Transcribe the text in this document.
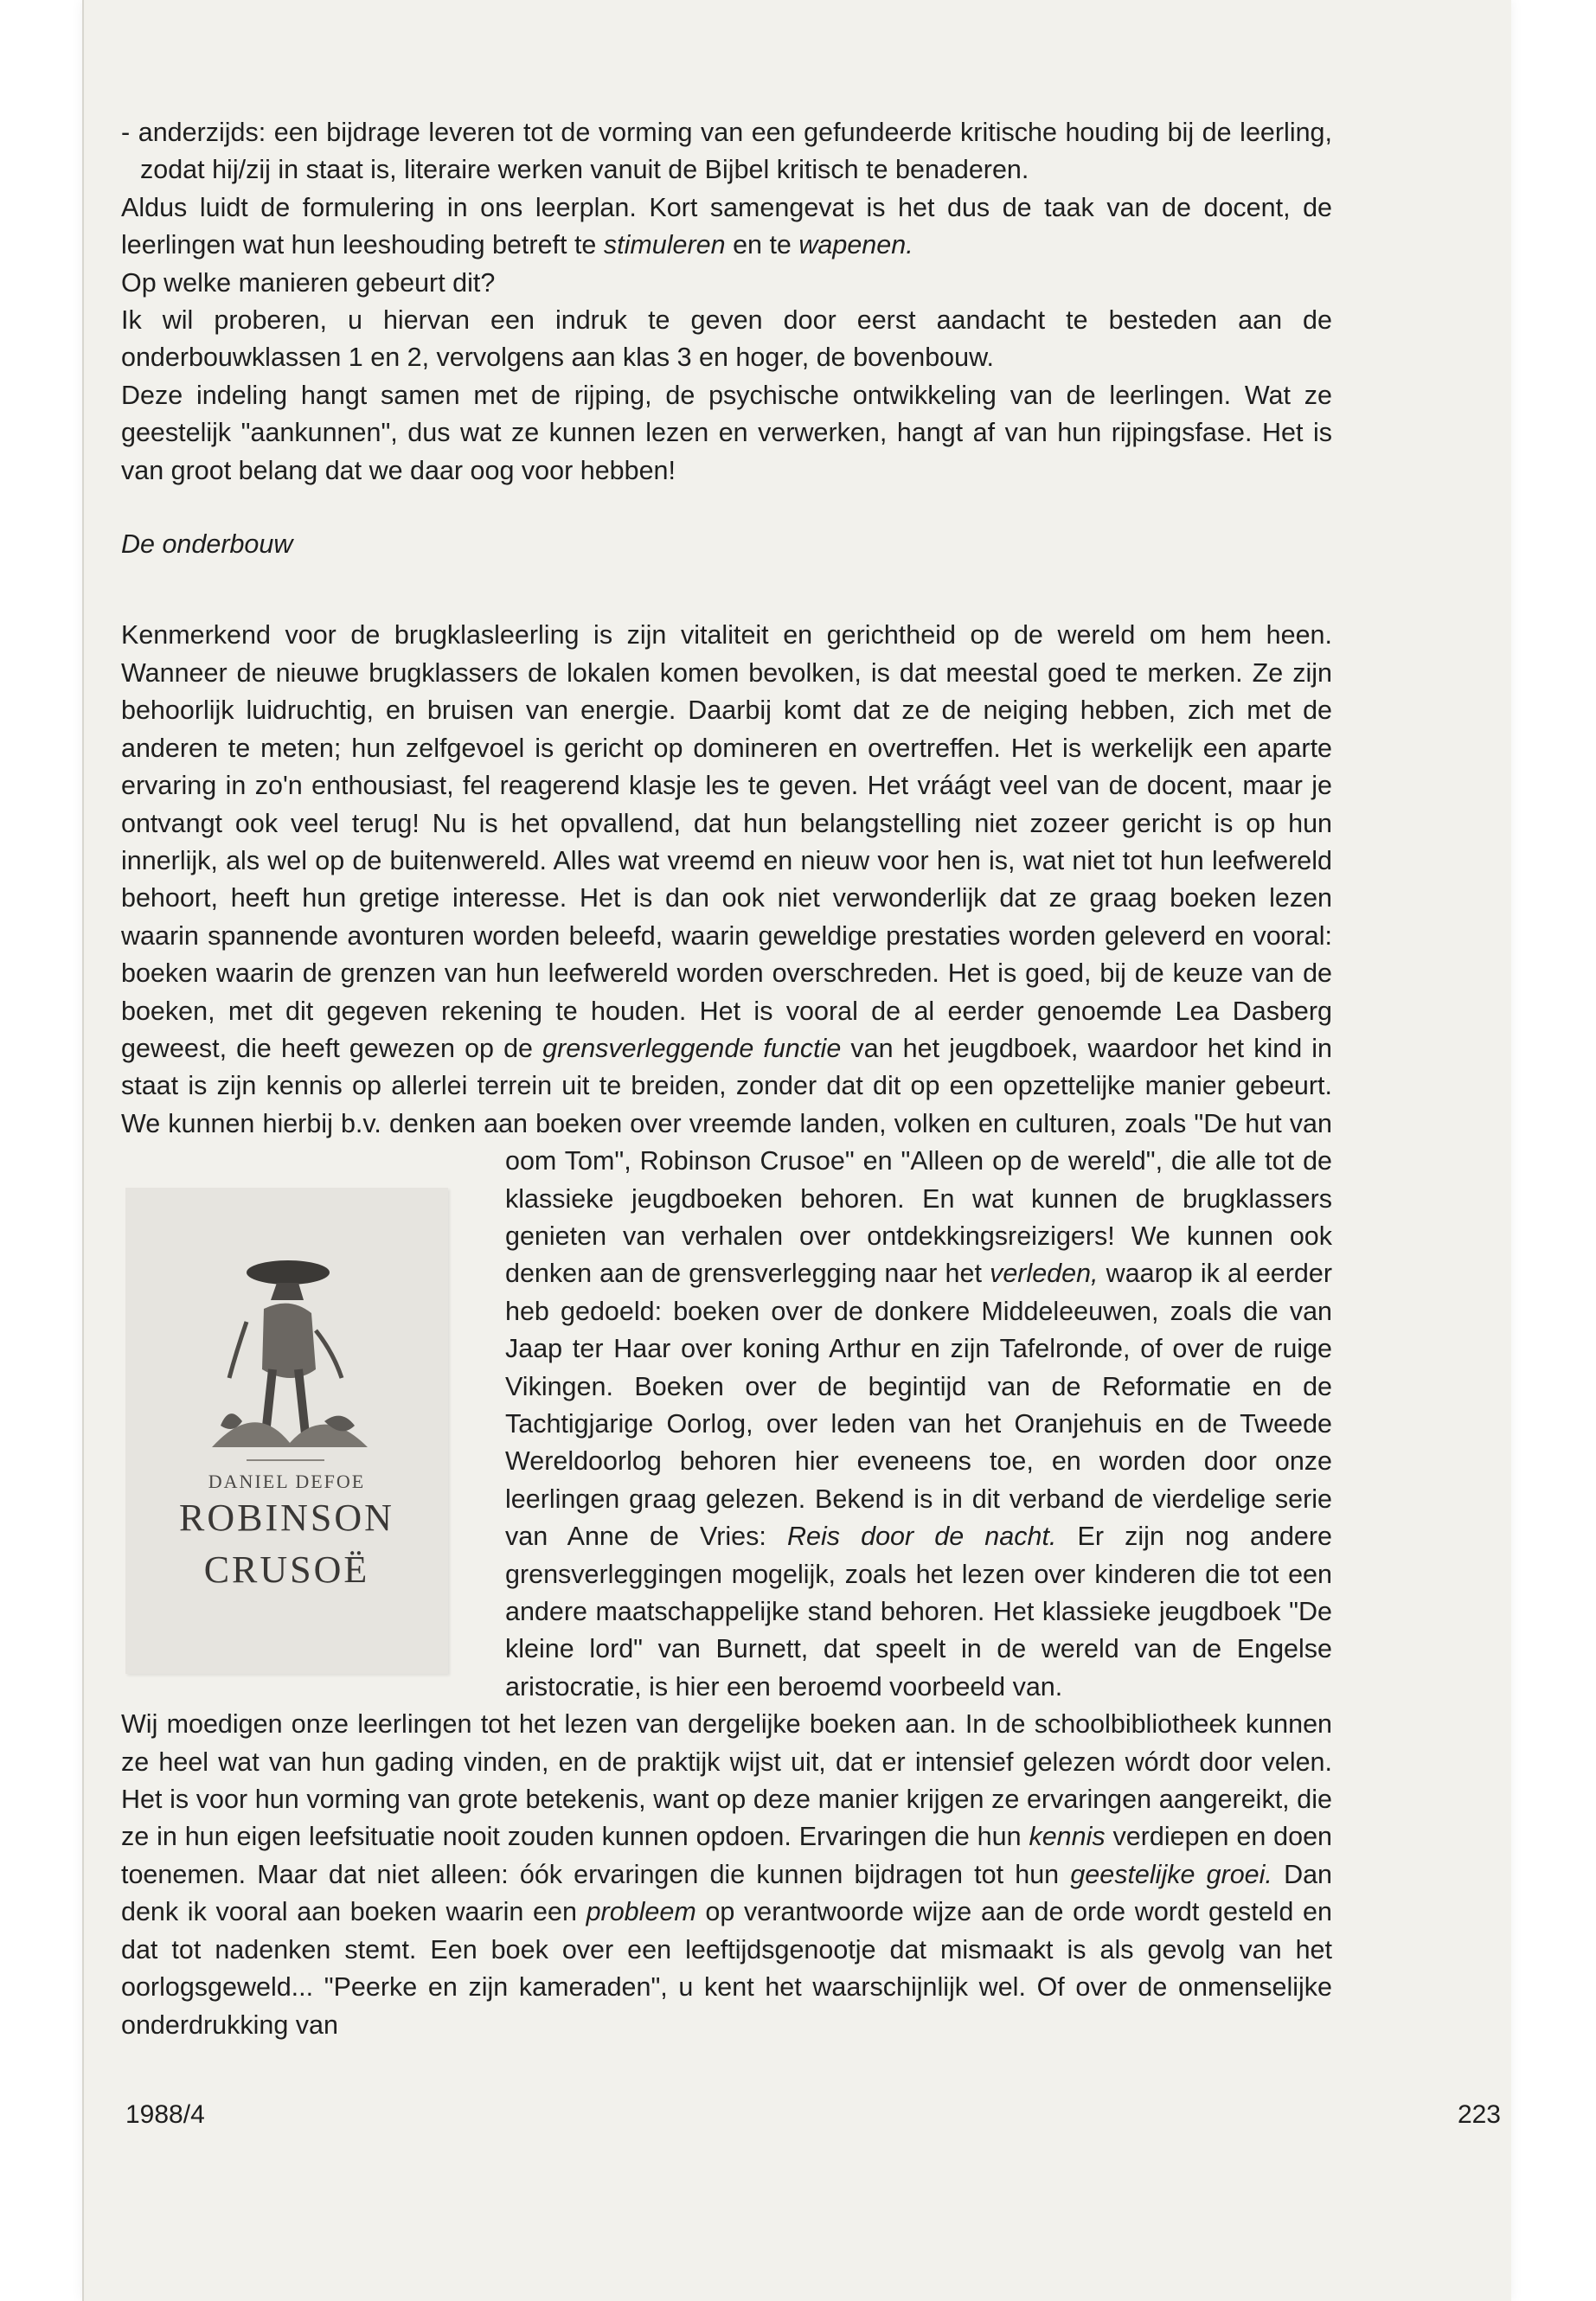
- anderzijds: een bijdrage leveren tot de vorming van een gefundeerde kritische houding bij de leerling, zodat hij/zij in staat is, literaire werken vanuit de Bijbel kritisch te benaderen.

Aldus luidt de formulering in ons leerplan. Kort samengevat is het dus de taak van de docent, de leerlingen wat hun leeshouding betreft te stimuleren en te wapenen.

Op welke manieren gebeurt dit?

Ik wil proberen, u hiervan een indruk te geven door eerst aandacht te besteden aan de onderbouwklassen 1 en 2, vervolgens aan klas 3 en hoger, de bovenbouw.

Deze indeling hangt samen met de rijping, de psychische ontwikkeling van de leerlingen. Wat ze geestelijk "aankunnen", dus wat ze kunnen lezen en verwerken, hangt af van hun rijpingsfase. Het is van groot belang dat we daar oog voor hebben!

De onderbouw

Kenmerkend voor de brugklasleerling is zijn vitaliteit en gerichtheid op de wereld om hem heen. Wanneer de nieuwe brugklassers de lokalen komen bevolken, is dat meestal goed te merken. Ze zijn behoorlijk luidruchtig, en bruisen van energie. Daarbij komt dat ze de neiging hebben, zich met de anderen te meten; hun zelfgevoel is gericht op domineren en overtreffen. Het is werkelijk een aparte ervaring in zo'n enthousiast, fel reagerend klasje les te geven. Het vráágt veel van de docent, maar je ontvangt ook veel terug! Nu is het opvallend, dat hun belangstelling niet zozeer gericht is op hun innerlijk, als wel op de buitenwereld. Alles wat vreemd en nieuw voor hen is, wat niet tot hun leefwereld behoort, heeft hun gretige interesse. Het is dan ook niet verwonderlijk dat ze graag boeken lezen waarin spannende avonturen worden beleefd, waarin geweldige prestaties worden geleverd en vooral: boeken waarin de grenzen van hun leefwereld worden overschreden. Het is goed, bij de keuze van de boeken, met dit gegeven rekening te houden. Het is vooral de al eerder genoemde Lea Dasberg geweest, die heeft gewezen op de grensverleggende functie van het jeugdboek, waardoor het kind in staat is zijn kennis op allerlei terrein uit te breiden, zonder dat dit op een opzettelijke manier gebeurt. We kunnen hierbij b.v. denken aan boeken over vreemde landen, volken en
DANIEL DEFOE
ROBINSON
CRUSOË
culturen, zoals "De hut van oom Tom", Robinson Crusoe" en "Alleen op de wereld", die alle tot de klassieke jeugdboeken behoren. En wat kunnen de brugklassers genieten van verhalen over ontdekkingsreizigers! We kunnen ook denken aan de grensverlegging naar het verleden, waarop ik al eerder heb gedoeld: boeken over de donkere Middeleeuwen, zoals die van Jaap ter Haar over koning Arthur en zijn Tafelronde, of over de ruige Vikingen. Boeken over de begintijd van de Reformatie en de Tachtigjarige Oorlog, over leden van het Oranjehuis en de Tweede Wereldoorlog behoren hier eveneens toe, en worden door onze leerlingen graag gelezen. Bekend is in dit verband de vierdelige serie van Anne de Vries: Reis door de nacht. Er zijn nog andere grensverleggingen mogelijk, zoals het lezen over kinderen die tot een andere maatschappelijke stand behoren. Het klassieke jeugdboek "De kleine lord" van Burnett, dat speelt in de wereld van de Engelse aristocratie, is hier een beroemd voorbeeld van.

Wij moedigen onze leerlingen tot het lezen van dergelijke boeken aan. In de schoolbibliotheek kunnen ze heel wat van hun gading vinden, en de praktijk wijst uit, dat er intensief gelezen wórdt door velen. Het is voor hun vorming van grote betekenis, want op deze manier krijgen ze ervaringen aangereikt, die ze in hun eigen leefsituatie nooit zouden kunnen opdoen. Ervaringen die hun kennis verdiepen en doen toenemen. Maar dat niet alleen: óók ervaringen die kunnen bijdragen tot hun geestelijke groei. Dan denk ik vooral aan boeken waarin een probleem op verantwoorde wijze aan de orde wordt gesteld en dat tot nadenken stemt. Een boek over een leeftijdsgenootje dat mismaakt is als gevolg van het oorlogsgeweld... "Peerke en zijn kameraden", u kent het waarschijnlijk wel. Of over de onmenselijke onderdrukking van

1988/4	223
